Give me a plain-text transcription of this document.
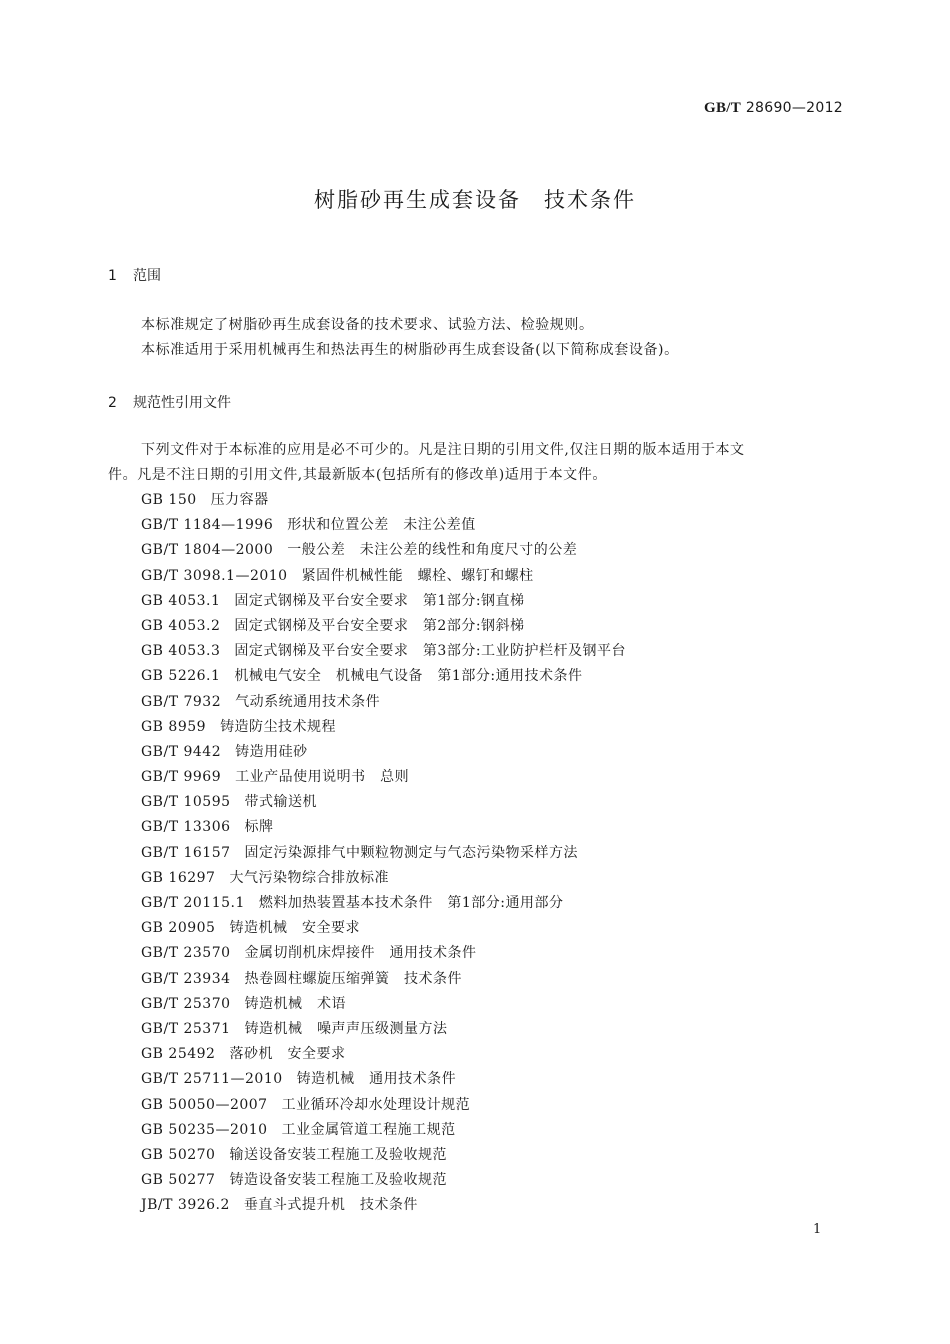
GB/T 28690—2012
树脂砂再生成套设备　技术条件
1 范围
本标准规定了树脂砂再生成套设备的技术要求、试验方法、检验规则。
本标准适用于采用机械再生和热法再生的树脂砂再生成套设备(以下简称成套设备)。
2 规范性引用文件
下列文件对于本标准的应用是必不可少的。凡是注日期的引用文件,仅注日期的版本适用于本文
件。凡是不注日期的引用文件,其最新版本(包括所有的修改单)适用于本文件。
GB 150 压力容器
GB/T 1184—1996 形状和位置公差　未注公差值
GB/T 1804—2000 一般公差　未注公差的线性和角度尺寸的公差
GB/T 3098.1—2010 紧固件机械性能　螺栓、螺钉和螺柱
GB 4053.1 固定式钢梯及平台安全要求　第1部分:钢直梯
GB 4053.2 固定式钢梯及平台安全要求　第2部分:钢斜梯
GB 4053.3 固定式钢梯及平台安全要求　第3部分:工业防护栏杆及钢平台
GB 5226.1 机械电气安全　机械电气设备　第1部分:通用技术条件
GB/T 7932 气动系统通用技术条件
GB 8959 铸造防尘技术规程
GB/T 9442 铸造用硅砂
GB/T 9969 工业产品使用说明书　总则
GB/T 10595 带式输送机
GB/T 13306 标牌
GB/T 16157 固定污染源排气中颗粒物测定与气态污染物采样方法
GB 16297 大气污染物综合排放标准
GB/T 20115.1 燃料加热装置基本技术条件　第1部分:通用部分
GB 20905 铸造机械　安全要求
GB/T 23570 金属切削机床焊接件　通用技术条件
GB/T 23934 热卷圆柱螺旋压缩弹簧　技术条件
GB/T 25370 铸造机械　术语
GB/T 25371 铸造机械　噪声声压级测量方法
GB 25492 落砂机　安全要求
GB/T 25711—2010 铸造机械　通用技术条件
GB 50050—2007 工业循环冷却水处理设计规范
GB 50235—2010 工业金属管道工程施工规范
GB 50270 输送设备安装工程施工及验收规范
GB 50277 铸造设备安装工程施工及验收规范
JB/T 3926.2 垂直斗式提升机　技术条件
1
